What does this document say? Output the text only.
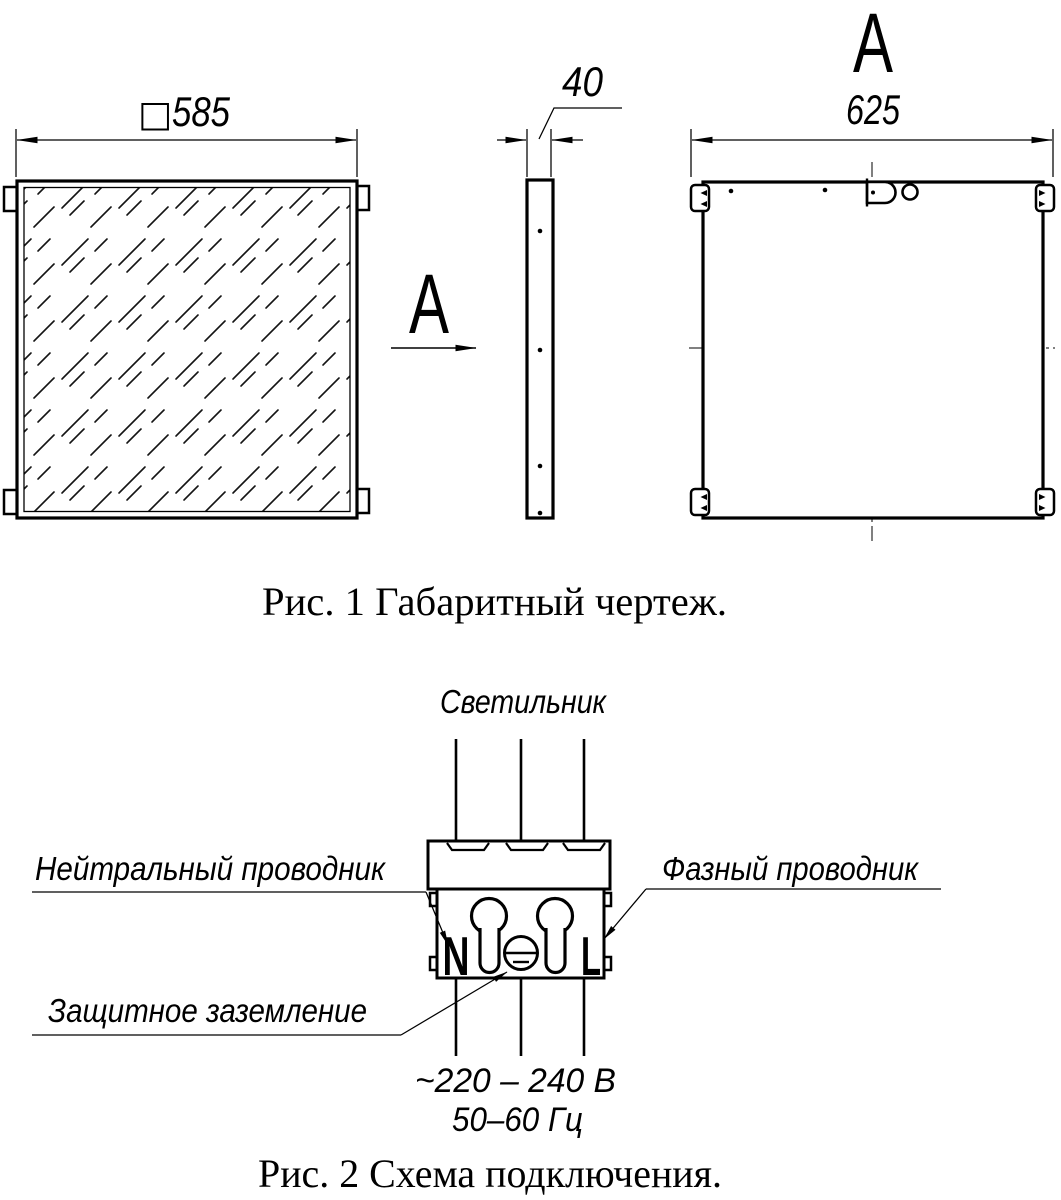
□ 585
40
A
A
625
Рис. 1 Габаритный чертеж.
Светильник
N L
Нейтральный проводник	Фазный проводник
Защитное заземление
~220 – 240 В
50–60 Гц
Рис. 2 Схема подключения.
